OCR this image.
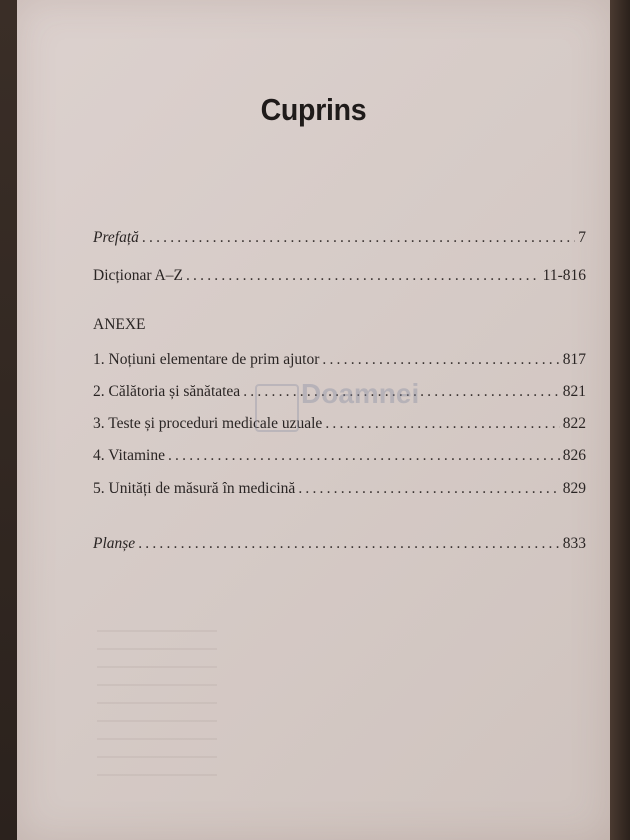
Cuprins
Prefață .....	7
Dicționar A–Z .....	11-816
ANEXE
1. Noțiuni elementare de prim ajutor .....	817
2. Călătoria și sănătatea .....	821
3. Teste și proceduri medicale uzuale .....	822
4. Vitamine .....	826
5. Unități de măsură în medicină .....	829
Planșe .....	833
Doamnei
